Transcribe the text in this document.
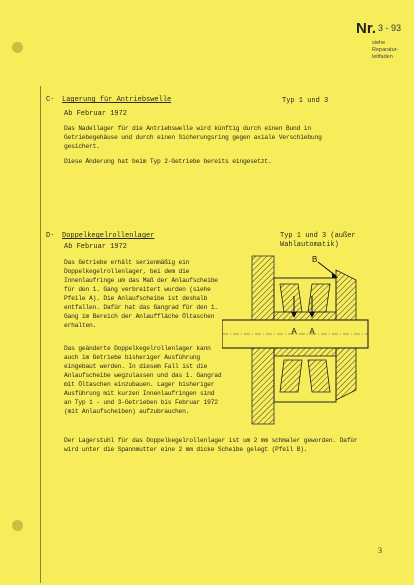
Nr. 3 - 93
siehe
Reparatur-
leitfaden
C- Lagerung für Antriebswelle	Typ 1 und 3
Ab Februar 1972
Das Nadellager für die Antriebswelle wird künftig durch einen Bund in Getriebegehäuse und durch einen Sicherungsring gegen axiale Verschiebung gesichert.
Diese Änderung hat beim Typ 2-Getriebe bereits eingesetzt.
D- Doppelkegelrollenlager	Typ 1 und 3 (außer
Wahlautomatik)
Ab Februar 1972
Das Getriebe erhält serienmäßig ein Doppelkegelrollenlager, bei dem die Innenlaufringe um das Maß der Anlaufscheibe für den 1. Gang verbreitert wurden (siehe Pfeile A). Die Anlaufscheibe ist deshalb entfallen. Dafür hat das Gangrad für den 1. Gang im Bereich der Anlauffläche Öltaschen erhalten.
Das geänderte Doppelkegelrollenlager kann auch im Getriebe bisheriger Ausführung eingebaut werden. In diesem Fall ist die Anlaufscheibe wegzulassen und das 1. Gangrad mit Öltaschen einzubauen. Lager bisheriger Ausführung mit kurzen Innenlaufringen sind an Typ 1 - und 3-Getrieben bis Februar 1972 (mit Anlaufscheiben) aufzubrauchen.
Der Lagerstuhl für das Doppelkegelrollenlager ist um 2 mm schmaler geworden. Dafür wird unter die Spannmutter eine 2 mm dicke Scheibe gelegt (Pfeil B).
A A
B
3
